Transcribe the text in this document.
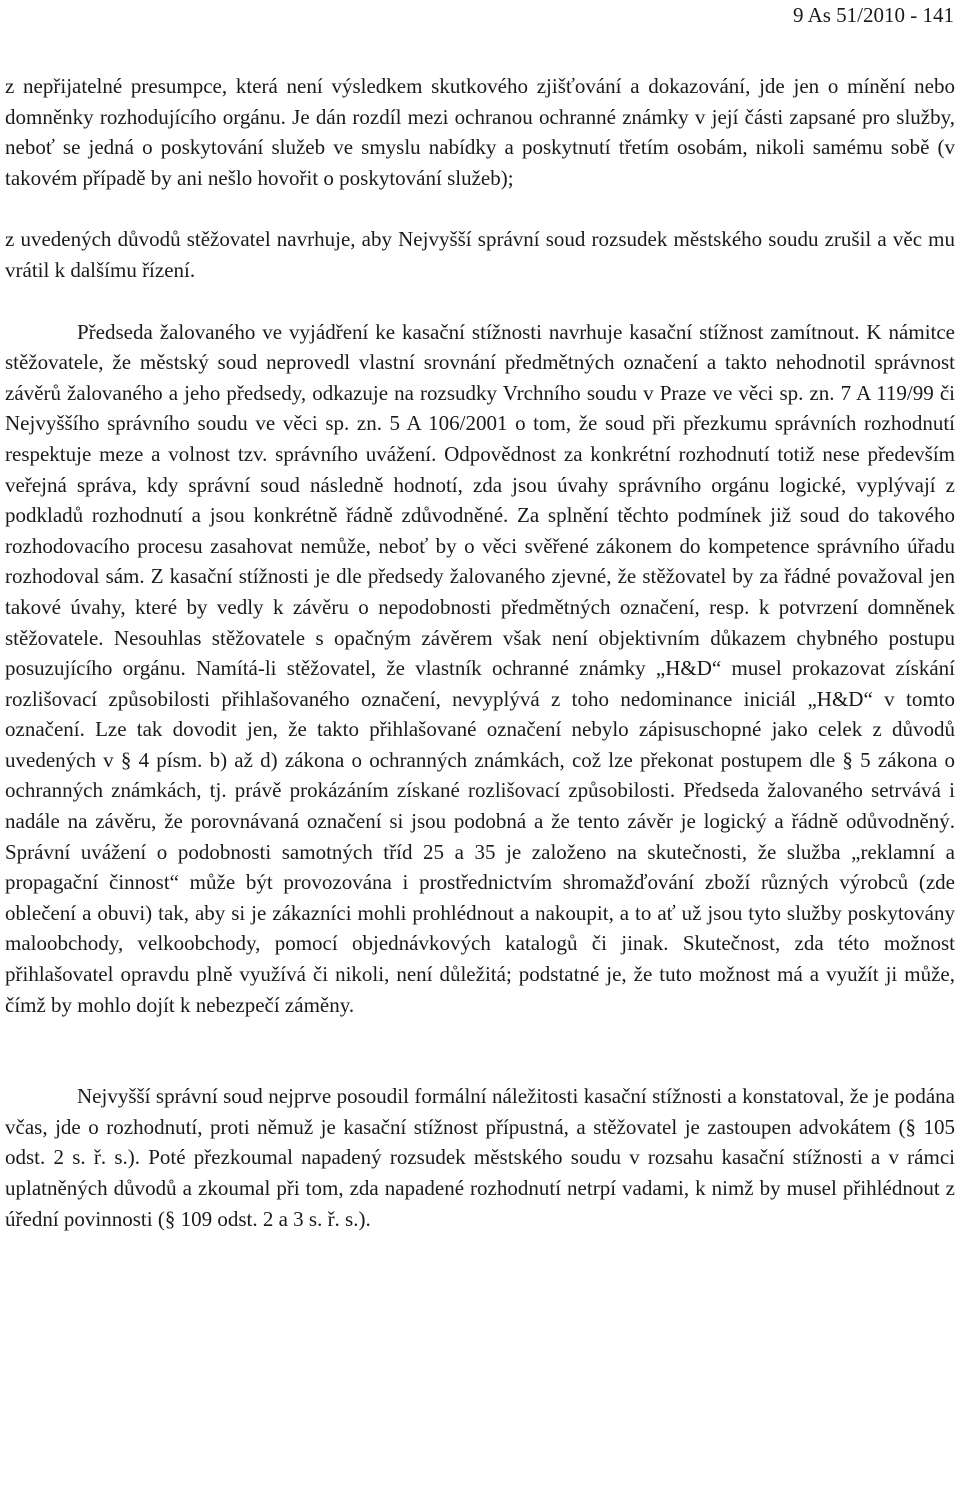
9 As 51/2010 - 141

z nepřijatelné presumpce, která není výsledkem skutkového zjišťování a dokazování, jde jen o mínění nebo domněnky rozhodujícího orgánu. Je dán rozdíl mezi ochranou ochranné známky v její části zapsané pro služby, neboť se jedná o poskytování služeb ve smyslu nabídky a poskytnutí třetím osobám, nikoli samému sobě (v takovém případě by ani nešlo hovořit o poskytování služeb);

z uvedených důvodů stěžovatel navrhuje, aby Nejvyšší správní soud rozsudek městského soudu zrušil a věc mu vrátil k dalšímu řízení.

Předseda žalovaného ve vyjádření ke kasační stížnosti navrhuje kasační stížnost zamítnout. K námitce stěžovatele, že městský soud neprovedl vlastní srovnání předmětných označení a takto nehodnotil správnost závěrů žalovaného a jeho předsedy, odkazuje na rozsudky Vrchního soudu v Praze ve věci sp. zn. 7 A 119/99 či Nejvyššího správního soudu ve věci sp. zn. 5 A 106/2001 o tom, že soud při přezkumu správních rozhodnutí respektuje meze a volnost tzv. správního uvážení. Odpovědnost za konkrétní rozhodnutí totiž nese především veřejná správa, kdy správní soud následně hodnotí, zda jsou úvahy správního orgánu logické, vyplývají z podkladů rozhodnutí a jsou konkrétně řádně zdůvodněné. Za splnění těchto podmínek již soud do takového rozhodovacího procesu zasahovat nemůže, neboť by o věci svěřené zákonem do kompetence správního úřadu rozhodoval sám. Z kasační stížnosti je dle předsedy žalovaného zjevné, že stěžovatel by za řádné považoval jen takové úvahy, které by vedly k závěru o nepodobnosti předmětných označení, resp. k potvrzení domněnek stěžovatele. Nesouhlas stěžovatele s opačným závěrem však není objektivním důkazem chybného postupu posuzujícího orgánu. Namítá-li stěžovatel, že vlastník ochranné známky „H&D“ musel prokazovat získání rozlišovací způsobilosti přihlašovaného označení, nevyplývá z toho nedominance iniciál „H&D“ v tomto označení. Lze tak dovodit jen, že takto přihlašované označení nebylo zápisuschopné jako celek z důvodů uvedených v § 4 písm. b) až d) zákona o ochranných známkách, což lze překonat postupem dle § 5 zákona o ochranných známkách, tj. právě prokázáním získané rozlišovací způsobilosti. Předseda žalovaného setrvává i nadále na závěru, že porovnávaná označení si jsou podobná a že tento závěr je logický a řádně odůvodněný. Správní uvážení o podobnosti samotných tříd 25 a 35 je založeno na skutečnosti, že služba „reklamní a propagační činnost“ může být provozována i prostřednictvím shromažďování zboží různých výrobců (zde oblečení a obuvi) tak, aby si je zákazníci mohli prohlédnout a nakoupit, a to ať už jsou tyto služby poskytovány maloobchody, velkoobchody, pomocí objednávkových katalogů či jinak. Skutečnost, zda této možnost přihlašovatel opravdu plně využívá či nikoli, není důležitá; podstatné je, že tuto možnost má a využít ji může, čímž by mohlo dojít k nebezpečí záměny.

Nejvyšší správní soud nejprve posoudil formální náležitosti kasační stížnosti a konstatoval, že je podána včas, jde o rozhodnutí, proti němuž je kasační stížnost přípustná, a stěžovatel je zastoupen advokátem (§ 105 odst. 2 s. ř. s.). Poté přezkoumal napadený rozsudek městského soudu v rozsahu kasační stížnosti a v rámci uplatněných důvodů a zkoumal při tom, zda napadené rozhodnutí netrpí vadami, k nimž by musel přihlédnout z úřední povinnosti (§ 109 odst. 2 a 3 s. ř. s.).
